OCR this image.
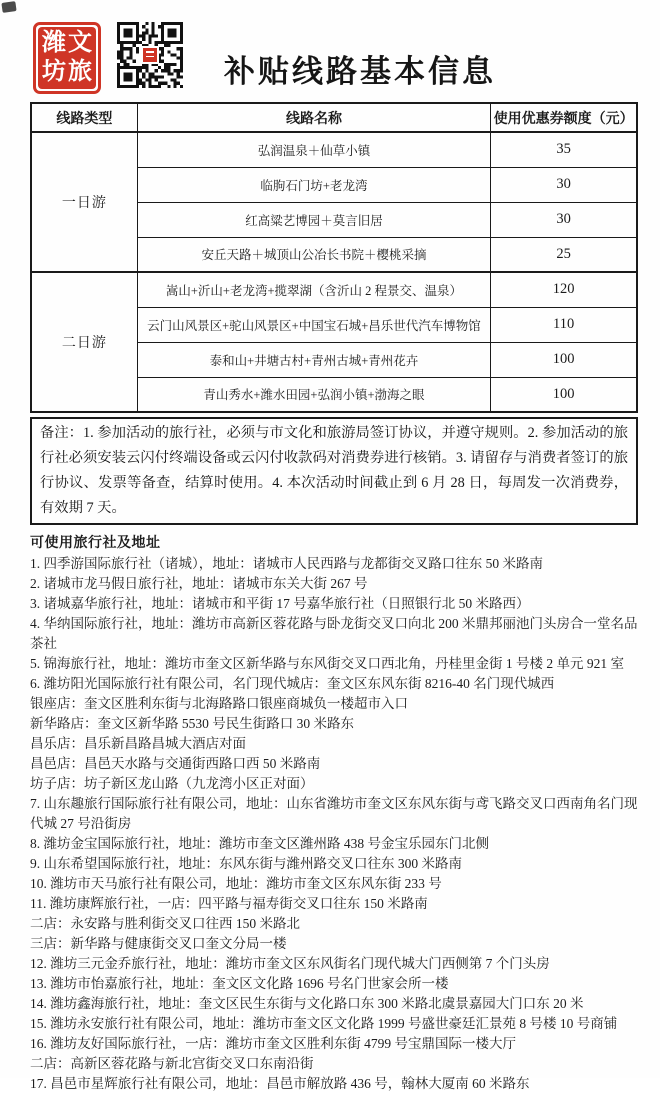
潍文
坊旅	补贴线路基本信息
线路类型	线路名称	使用优惠券额度（元）
一日游	弘润温泉＋仙草小镇	35
	临朐石门坊+老龙湾	30
	红高粱艺博园＋莫言旧居	30
	安丘天路＋城顶山公冶长书院＋樱桃采摘	25
二日游	嵩山+沂山+老龙湾+揽翠湖（含沂山 2 程景交、温泉）	120
	云门山风景区+驼山风景区+中国宝石城+昌乐世代汽车博物馆	110
	泰和山+井塘古村+青州古城+青州花卉	100
	青山秀水+潍水田园+弘润小镇+渤海之眼	100
备注：1. 参加活动的旅行社，必须与市文化和旅游局签订协议，并遵守规则。2. 参加活动的旅行社必须安装云闪付终端设备或云闪付收款码对消费券进行核销。3. 请留存与消费者签订的旅行协议、发票等备查，结算时使用。4. 本次活动时间截止到 6 月 28 日，每周发一次消费券，有效期 7 天。
可使用旅行社及地址
1. 四季游国际旅行社（诸城），地址：诸城市人民西路与龙都街交叉路口往东 50 米路南
2. 诸城市龙马假日旅行社，地址：诸城市东关大街 267 号
3. 诸城嘉华旅行社，地址：诸城市和平街 17 号嘉华旅行社（日照银行北 50 米路西）
4. 华纳国际旅行社，地址：潍坊市高新区蓉花路与卧龙街交叉口向北 200 米鼎邦丽池门头房合一堂名品
茶社
5. 锦海旅行社，地址：潍坊市奎文区新华路与东风街交叉口西北角，丹桂里金街 1 号楼 2 单元 921 室
6. 潍坊阳光国际旅行社有限公司，名门现代城店：奎文区东风东街 8216-40 名门现代城西
银座店：奎文区胜利东街与北海路路口银座商城负一楼超市入口
新华路店：奎文区新华路 5530 号民生街路口 30 米路东
昌乐店：昌乐新昌路昌城大酒店对面
昌邑店：昌邑天水路与交通街西路口西 50 米路南
坊子店：坊子新区龙山路（九龙湾小区正对面）
7. 山东趣旅行国际旅行社有限公司，地址：山东省潍坊市奎文区东风东街与鸢飞路交叉口西南角名门现
代城 27 号沿街房
8. 潍坊金宝国际旅行社，地址：潍坊市奎文区潍州路 438 号金宝乐园东门北侧
9. 山东希望国际旅行社，地址：东风东街与潍州路交叉口往东 300 米路南
10. 潍坊市天马旅行社有限公司，地址：潍坊市奎文区东风东街 233 号
11. 潍坊康辉旅行社，一店：四平路与福寿街交叉口往东 150 米路南
二店：永安路与胜利街交叉口往西 150 米路北
三店：新华路与健康街交叉口奎文分局一楼
12. 潍坊三元金乔旅行社，地址：潍坊市奎文区东风街名门现代城大门西侧第 7 个门头房
13. 潍坊市怡嘉旅行社，地址：奎文区文化路 1696 号名门世家会所一楼
14. 潍坊鑫海旅行社，地址：奎文区民生东街与文化路口东 300 米路北虞景嘉园大门口东 20 米
15. 潍坊永安旅行社有限公司，地址：潍坊市奎文区文化路 1999 号盛世豪廷汇景苑 8 号楼 10 号商铺
16. 潍坊友好国际旅行社，一店：潍坊市奎文区胜利东街 4799 号宝鼎国际一楼大厅
二店：高新区蓉花路与新北宫街交叉口东南沿街
17. 昌邑市星辉旅行社有限公司，地址：昌邑市解放路 436 号，翰林大厦南 60 米路东
